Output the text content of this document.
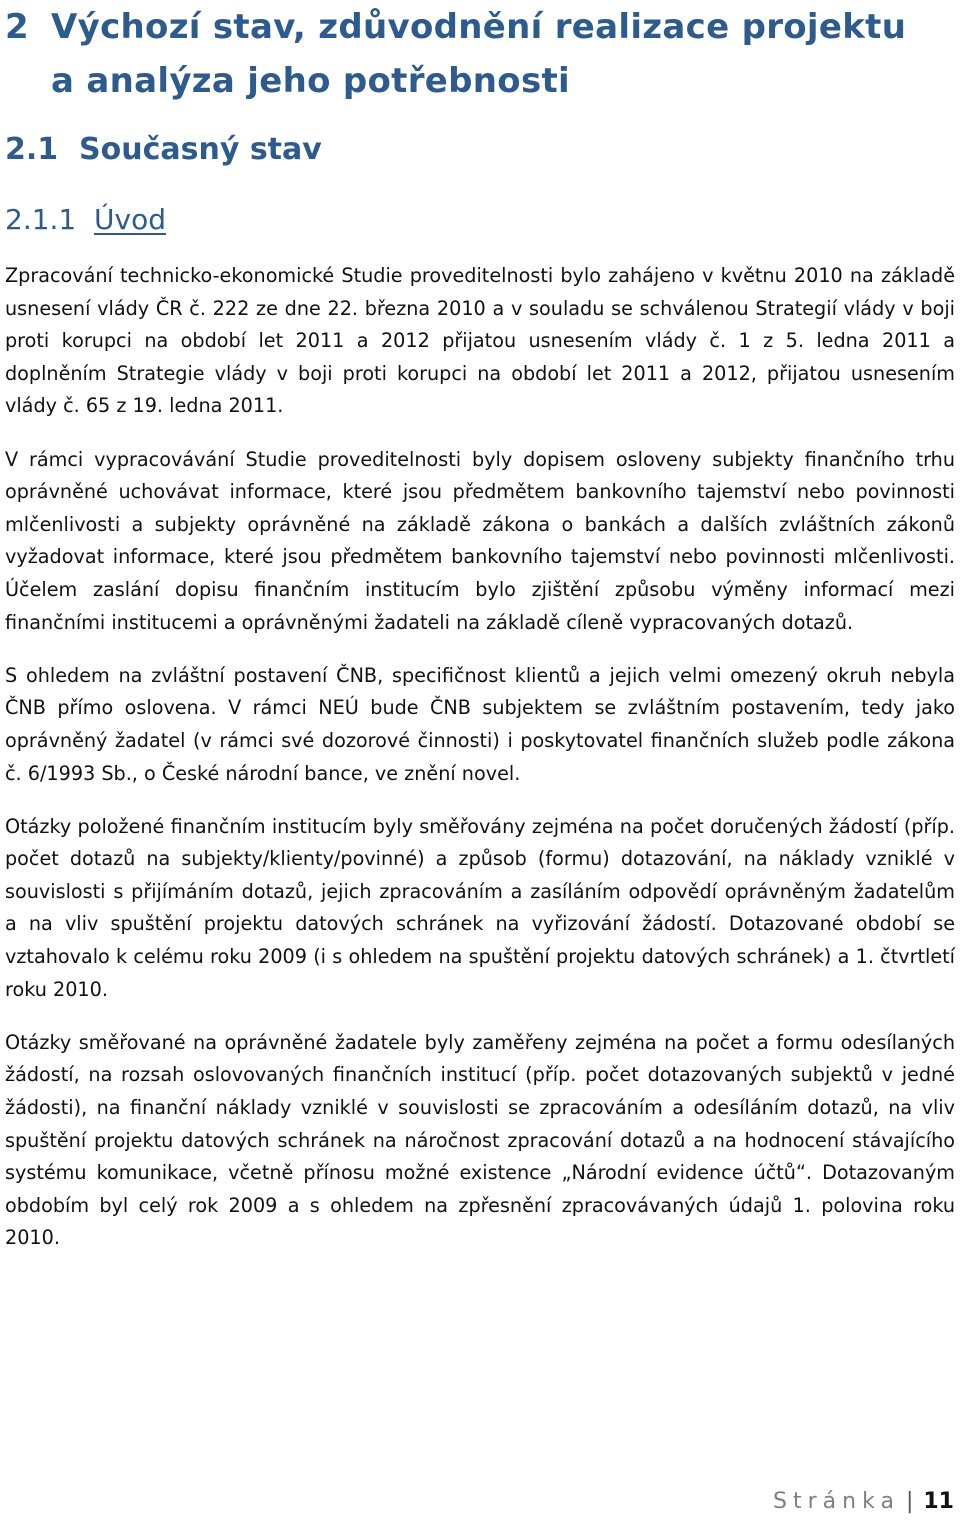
2 Výchozí stav, zdůvodnění realizace projektu
a analýza jeho potřebnosti
2.1 Současný stav
2.1.1 Úvod

Zpracování technicko-ekonomické Studie proveditelnosti bylo zahájeno v květnu 2010 na základě usnesení vlády ČR č. 222 ze dne 22. března 2010 a v souladu se schválenou Strategií vlády v boji proti korupci na období let 2011 a 2012 přijatou usnesením vlády č. 1 z 5. ledna 2011 a doplněním Strategie vlády v boji proti korupci na období let 2011 a 2012, přijatou usnesením vlády č. 65 z 19. ledna 2011.

V rámci vypracovávání Studie proveditelnosti byly dopisem osloveny subjekty finančního trhu oprávněné uchovávat informace, které jsou předmětem bankovního tajemství nebo povinnosti mlčenlivosti a subjekty oprávněné na základě zákona o bankách a dalších zvláštních zákonů vyžadovat informace, které jsou předmětem bankovního tajemství nebo povinnosti mlčenlivosti. Účelem zaslání dopisu finančním institucím bylo zjištění způsobu výměny informací mezi finančními institucemi a oprávněnými žadateli na základě cíleně vypracovaných dotazů.

S ohledem na zvláštní postavení ČNB, specifičnost klientů a jejich velmi omezený okruh nebyla ČNB přímo oslovena. V rámci NEÚ bude ČNB subjektem se zvláštním postavením, tedy jako oprávněný žadatel (v rámci své dozorové činnosti) i poskytovatel finančních služeb podle zákona č. 6/1993 Sb., o České národní bance, ve znění novel.

Otázky položené finančním institucím byly směřovány zejména na počet doručených žádostí (příp. počet dotazů na subjekty/klienty/povinné) a způsob (formu) dotazování, na náklady vzniklé v souvislosti s přijímáním dotazů, jejich zpracováním a zasíláním odpovědí oprávněným žadatelům a na vliv spuštění projektu datových schránek na vyřizování žádostí. Dotazované období se vztahovalo k celému roku 2009 (i s ohledem na spuštění projektu datových schránek) a 1. čtvrtletí roku 2010.

Otázky směřované na oprávněné žadatele byly zaměřeny zejména na počet a formu odesílaných žádostí, na rozsah oslovovaných finančních institucí (příp. počet dotazovaných subjektů v jedné žádosti), na finanční náklady vzniklé v souvislosti se zpracováním a odesíláním dotazů, na vliv spuštění projektu datových schránek na náročnost zpracování dotazů a na hodnocení stávajícího systému komunikace, včetně přínosu možné existence „Národní evidence účtů“. Dotazovaným obdobím byl celý rok 2009 a s ohledem na zpřesnění zpracovávaných údajů 1. polovina roku 2010.

Stránka | 11
